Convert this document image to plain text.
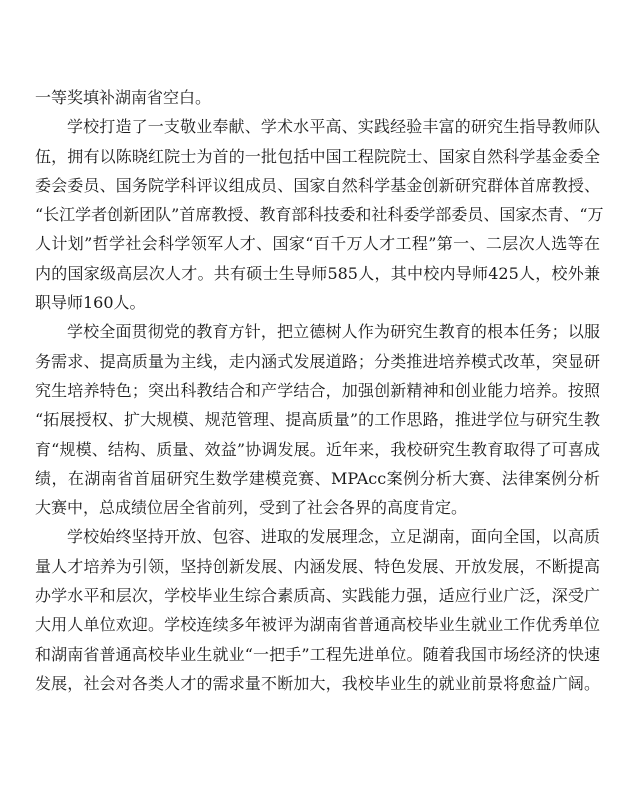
一等奖填补湖南省空白。
学校打造了一支敬业奉献、学术水平高、实践经验丰富的研究生指导教师队
伍，拥有以陈晓红院士为首的一批包括中国工程院院士、国家自然科学基金委全
委会委员、国务院学科评议组成员、国家自然科学基金创新研究群体首席教授、
“长江学者创新团队”首席教授、教育部科技委和社科委学部委员、国家杰青、“万
人计划”哲学社会科学领军人才、国家“百千万人才工程”第一、二层次人选等在
内的国家级高层次人才。共有硕士生导师585人，其中校内导师425人，校外兼
职导师160人。
学校全面贯彻党的教育方针，把立德树人作为研究生教育的根本任务；以服
务需求、提高质量为主线，走内涵式发展道路；分类推进培养模式改革，突显研
究生培养特色；突出科教结合和产学结合，加强创新精神和创业能力培养。按照
“拓展授权、扩大规模、规范管理、提高质量”的工作思路，推进学位与研究生教
育“规模、结构、质量、效益”协调发展。近年来，我校研究生教育取得了可喜成
绩，在湖南省首届研究生数学建模竞赛、MPAcc案例分析大赛、法律案例分析
大赛中，总成绩位居全省前列，受到了社会各界的高度肯定。
学校始终坚持开放、包容、进取的发展理念，立足湖南，面向全国，以高质
量人才培养为引领，坚持创新发展、内涵发展、特色发展、开放发展，不断提高
办学水平和层次，学校毕业生综合素质高、实践能力强，适应行业广泛，深受广
大用人单位欢迎。学校连续多年被评为湖南省普通高校毕业生就业工作优秀单位
和湖南省普通高校毕业生就业“一把手”工程先进单位。随着我国市场经济的快速
发展，社会对各类人才的需求量不断加大，我校毕业生的就业前景将愈益广阔。
